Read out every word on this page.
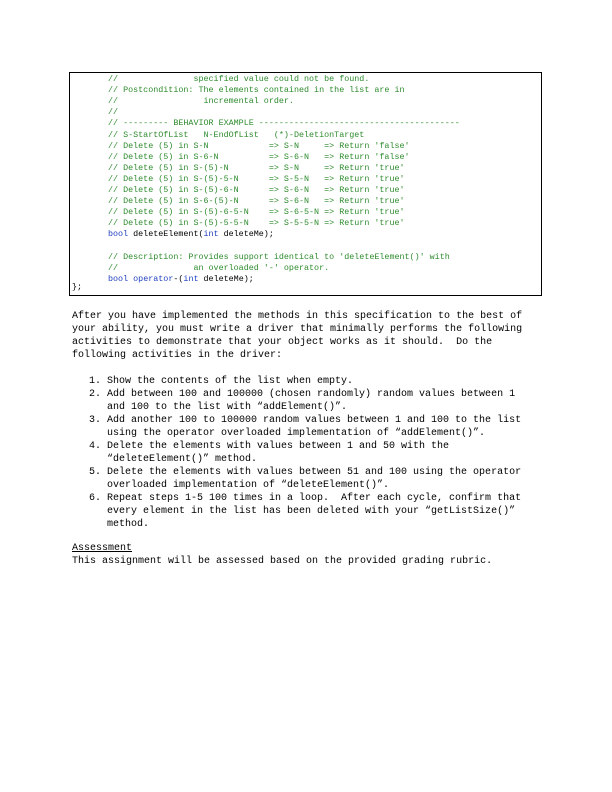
//               specified value could not be found.
// Postcondition: The elements contained in the list are in
//                 incremental order.
//
// --------- BEHAVIOR EXAMPLE ----------------------------------------
// S-StartOfList   N-EndOfList   (*)-DeletionTarget
// Delete (5) in S-N            => S-N     => Return 'false'
// Delete (5) in S-6-N          => S-6-N   => Return 'false'
// Delete (5) in S-(5)-N        => S-N     => Return 'true'
// Delete (5) in S-(5)-5-N      => S-5-N   => Return 'true'
// Delete (5) in S-(5)-6-N      => S-6-N   => Return 'true'
// Delete (5) in S-6-(5)-N      => S-6-N   => Return 'true'
// Delete (5) in S-(5)-6-5-N    => S-6-5-N => Return 'true'
// Delete (5) in S-(5)-5-5-N    => S-5-5-N => Return 'true'
bool deleteElement(int deleteMe);
// Description: Provides support identical to 'deleteElement()' with
//               an overloaded '-' operator.
bool operator-(int deleteMe);
};
After you have implemented the methods in this specification to the best of
your ability, you must write a driver that minimally performs the following
activities to demonstrate that your object works as it should.  Do the
following activities in the driver:
1. Show the contents of the list when empty.
2. Add between 100 and 100000 (chosen randomly) random values between 1
and 100 to the list with “addElement()”.
3. Add another 100 to 100000 random values between 1 and 100 to the list
using the operator overloaded implementation of “addElement()”.
4. Delete the elements with values between 1 and 50 with the
“deleteElement()” method.
5. Delete the elements with values between 51 and 100 using the operator
overloaded implementation of “deleteElement()”.
6. Repeat steps 1-5 100 times in a loop.  After each cycle, confirm that
every element in the list has been deleted with your “getListSize()”
method.
Assessment
This assignment will be assessed based on the provided grading rubric.
